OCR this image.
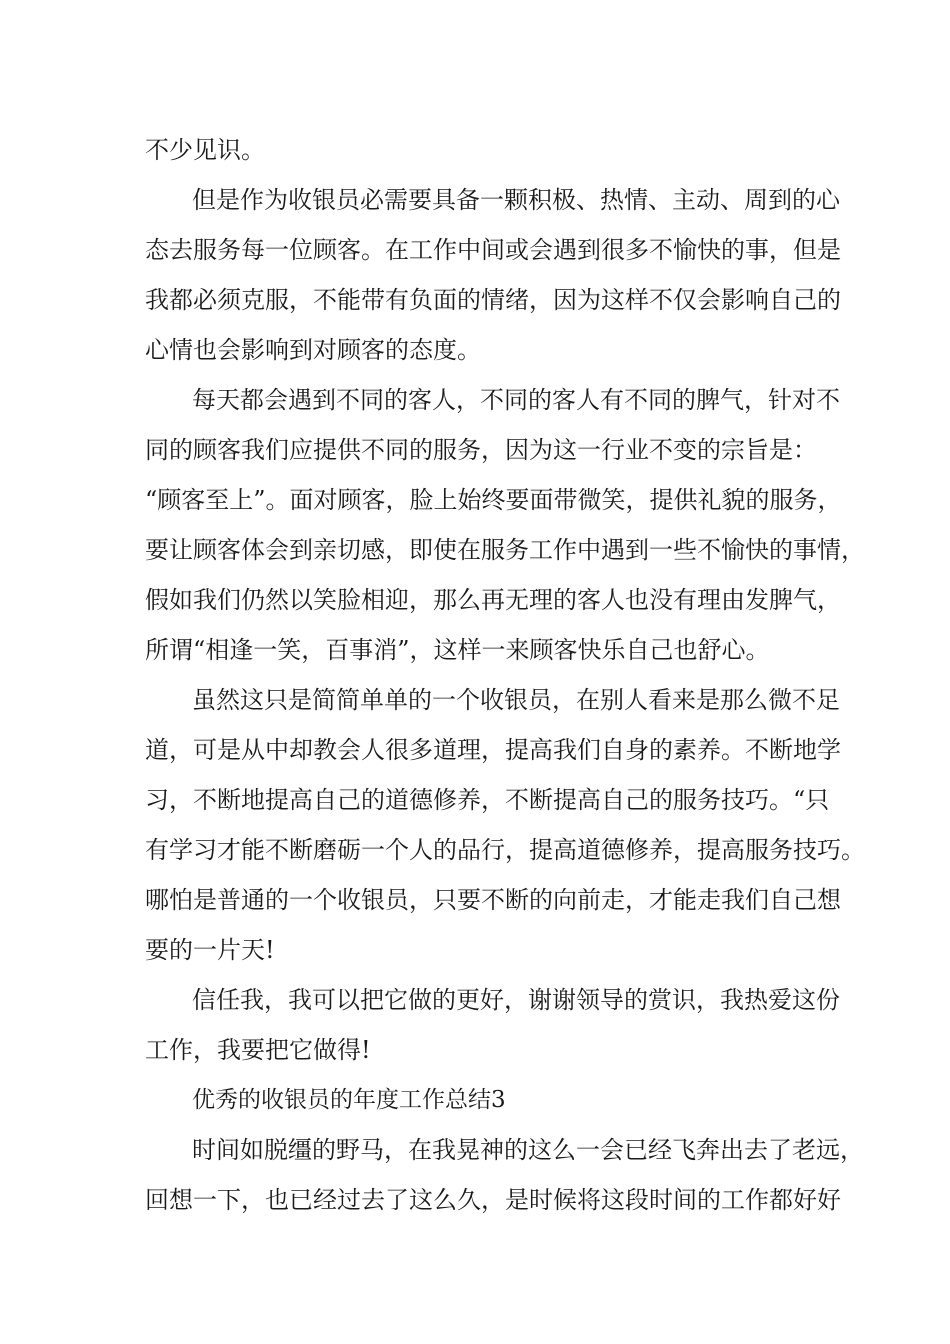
不少见识。
但是作为收银员必需要具备一颗积极、热情、主动、周到的心
态去服务每一位顾客。在工作中间或会遇到很多不愉快的事，但是
我都必须克服，不能带有负面的情绪，因为这样不仅会影响自己的
心情也会影响到对顾客的态度。
每天都会遇到不同的客人，不同的客人有不同的脾气，针对不
同的顾客我们应提供不同的服务，因为这一行业不变的宗旨是：
“顾客至上”。面对顾客，脸上始终要面带微笑，提供礼貌的服务，
要让顾客体会到亲切感，即使在服务工作中遇到一些不愉快的事情，
假如我们仍然以笑脸相迎，那么再无理的客人也没有理由发脾气，
所谓“相逢一笑，百事消”，这样一来顾客快乐自己也舒心。
虽然这只是简简单单的一个收银员，在别人看来是那么微不足
道，可是从中却教会人很多道理，提高我们自身的素养。不断地学
习，不断地提高自己的道德修养，不断提高自己的服务技巧。“只
有学习才能不断磨砺一个人的品行，提高道德修养，提高服务技巧。
哪怕是普通的一个收银员，只要不断的向前走，才能走我们自己想
要的一片天!
信任我，我可以把它做的更好，谢谢领导的赏识，我热爱这份
工作，我要把它做得!
优秀的收银员的年度工作总结3
时间如脱缰的野马，在我晃神的这么一会已经飞奔出去了老远，
回想一下，也已经过去了这么久，是时候将这段时间的工作都好好
